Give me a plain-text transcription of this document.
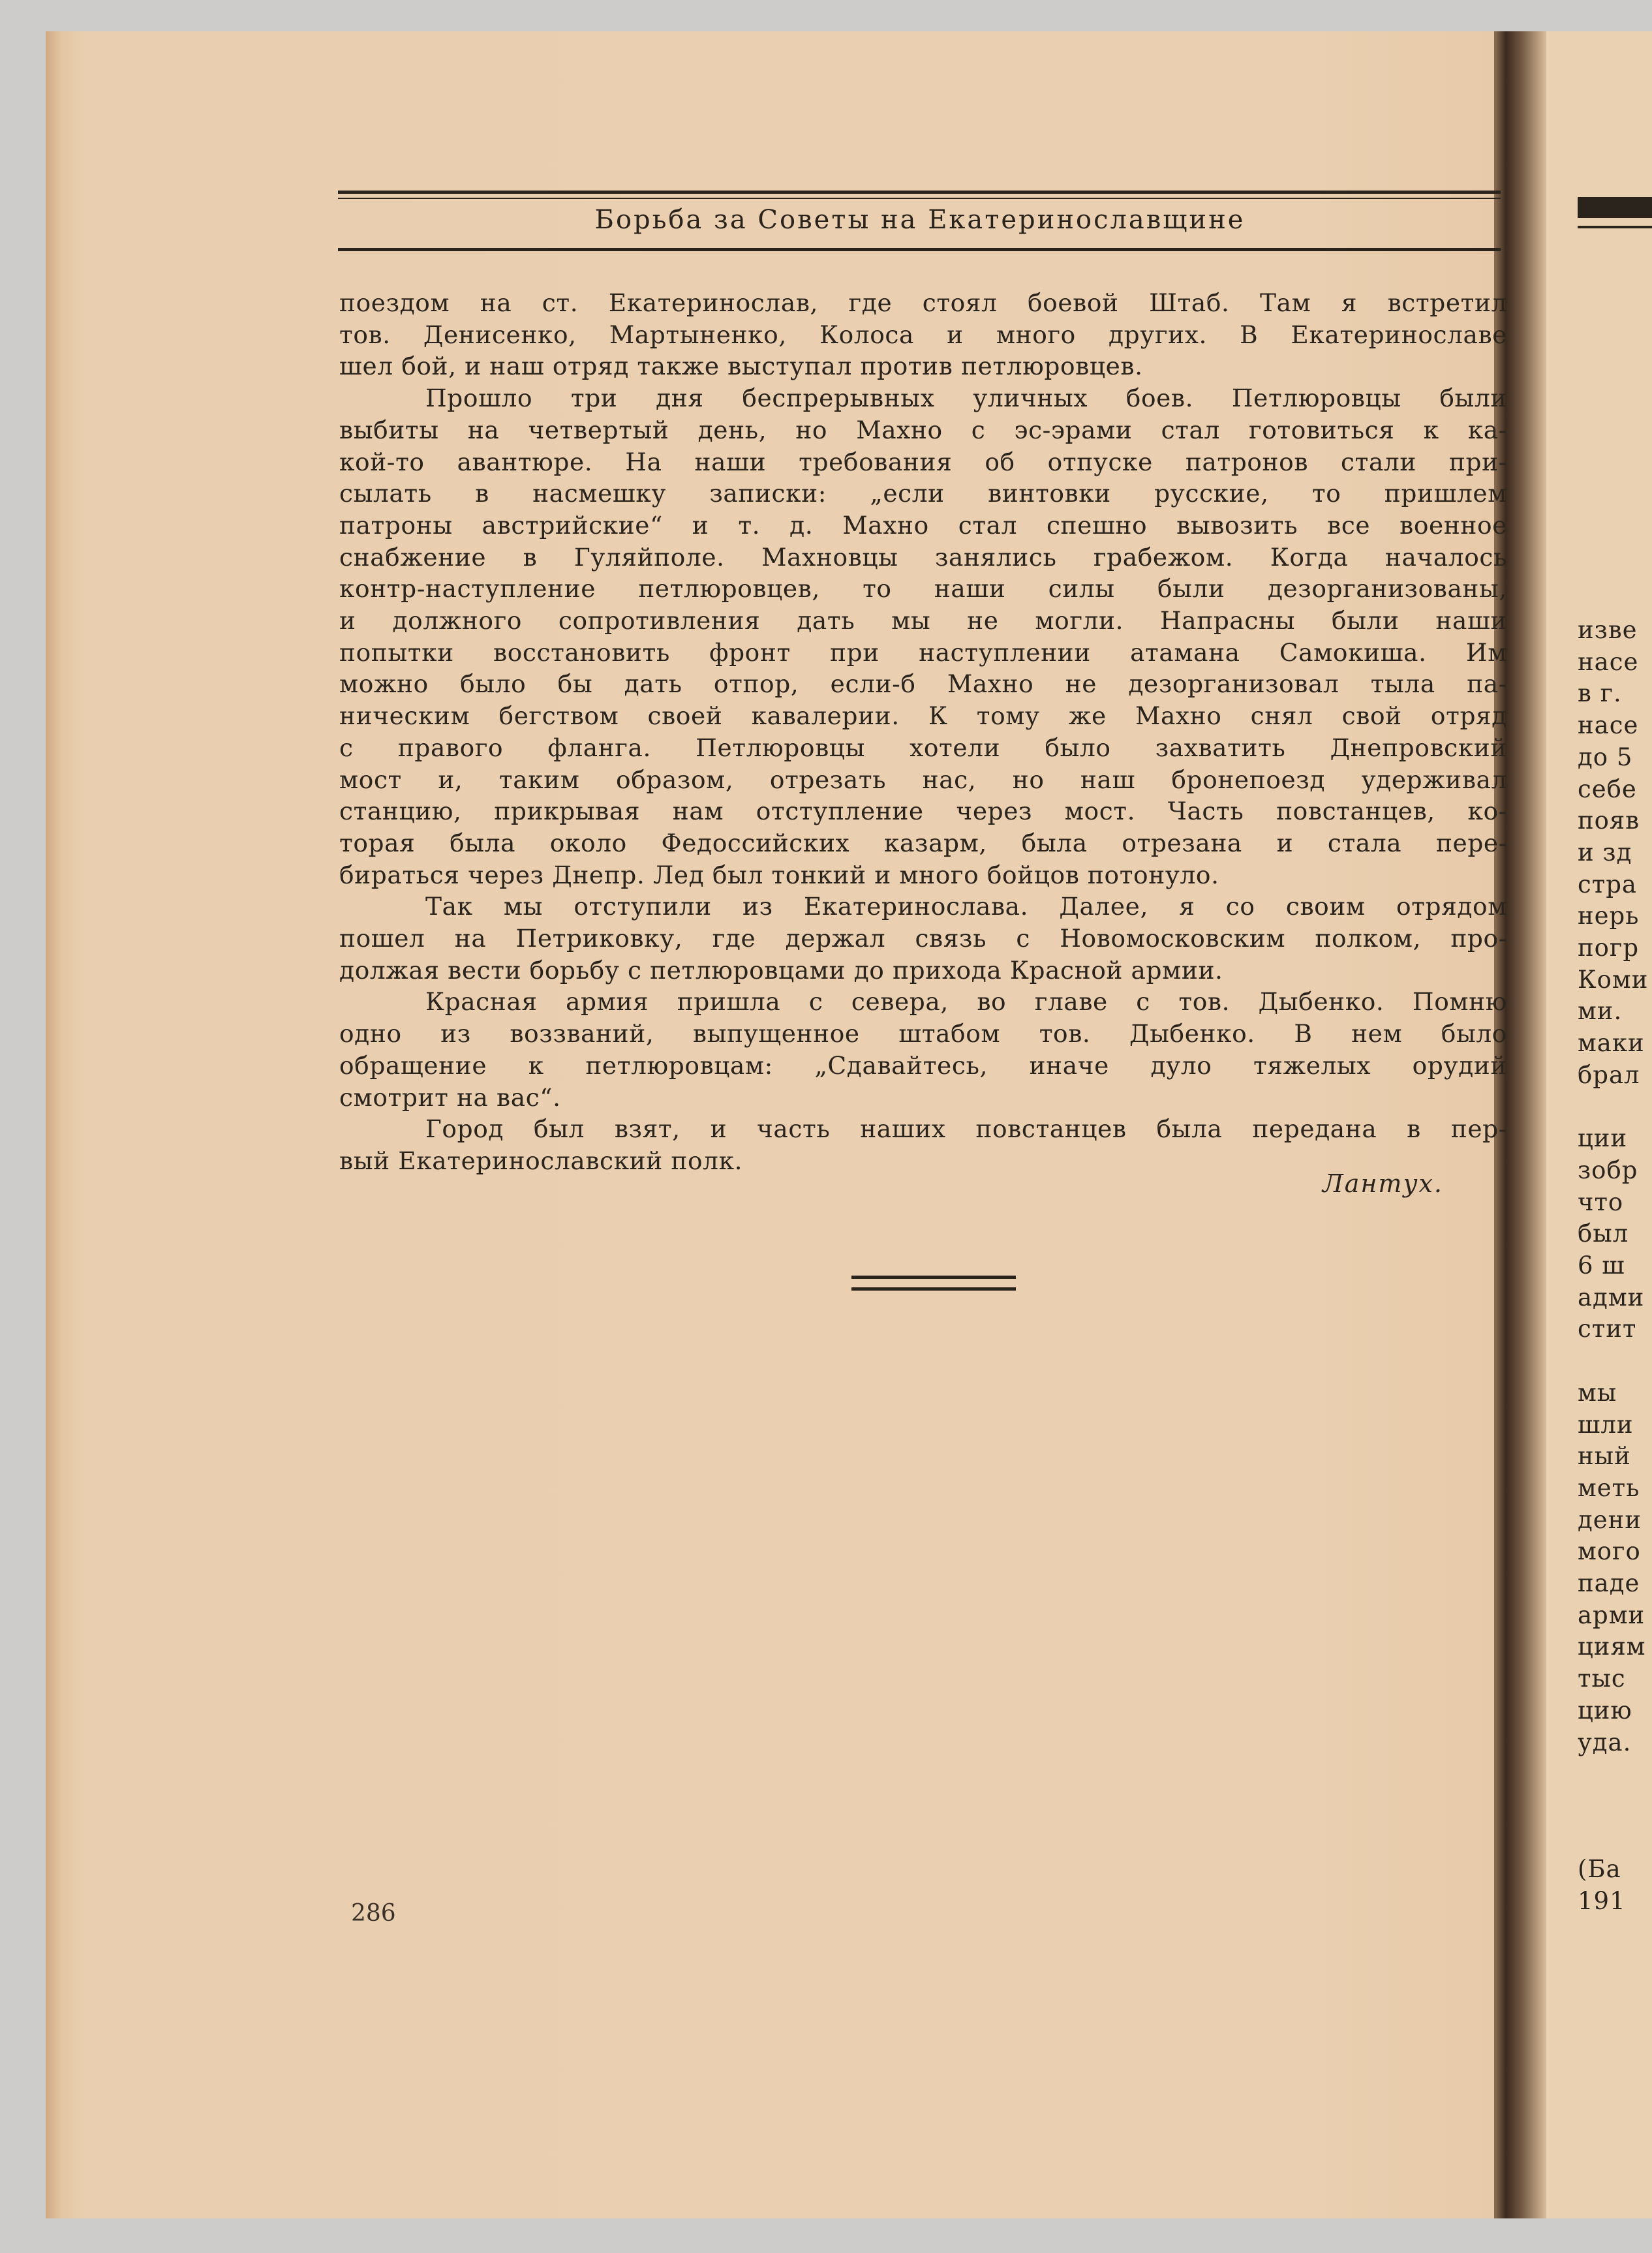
изве
насе
в г.
насе
до 5
себе
появ
и зд
стра
нерь
погр
Коми
ми.
маки
брал
ции
зобр
что
был
6 ш
адми
стит
мы
шли
ный
меть
дени
мого
паде
арми
циям
тыс
цию
уда.
(Ба
191
Борьба за Советы на Екатеринославщине

поездом на ст. Екатеринослав, где стоял боевой Штаб. Там я встретил

тов. Денисенко, Мартыненко, Колоса и много других. В Екатеринославе

шел бой, и наш отряд также выступал против петлюровцев.

Прошло три дня беспрерывных уличных боев. Петлюровцы были

выбиты на четвертый день, но Махно с эс-эрами стал готовиться к ка-

кой-то авантюре. На наши требования об отпуске патронов стали при-

сылать в насмешку записки: „если винтовки русские, то пришлем

патроны австрийские“ и т. д. Махно стал спешно вывозить все военное

снабжение в Гуляйполе. Махновцы занялись грабежом. Когда началось

контр-наступление петлюровцев, то наши силы были дезорганизованы,

и должного сопротивления дать мы не могли. Напрасны были наши

попытки восстановить фронт при наступлении атамана Самокиша. Им

можно было бы дать отпор, если-б Махно не дезорганизовал тыла па-

ническим бегством своей кавалерии. К тому же Махно снял свой отряд

с правого фланга. Петлюровцы хотели было захватить Днепровский

мост и, таким образом, отрезать нас, но наш бронепоезд удерживал

станцию, прикрывая нам отступление через мост. Часть повстанцев, ко-

торая была около Федоссийских казарм, была отрезана и стала пере-

бираться через Днепр. Лед был тонкий и много бойцов потонуло.

Так мы отступили из Екатеринослава. Далее, я со своим отрядом

пошел на Петриковку, где держал связь с Новомосковским полком, про-

должая вести борьбу с петлюровцами до прихода Красной армии.

Красная армия пришла с севера, во главе с тов. Дыбенко. Помню

одно из воззваний, выпущенное штабом тов. Дыбенко. В нем было

обращение к петлюровцам: „Сдавайтесь, иначе дуло тяжелых орудий

смотрит на вас“.

Город был взят, и часть наших повстанцев была передана в пер-

вый Екатеринославский полк.

Лантух.
286
